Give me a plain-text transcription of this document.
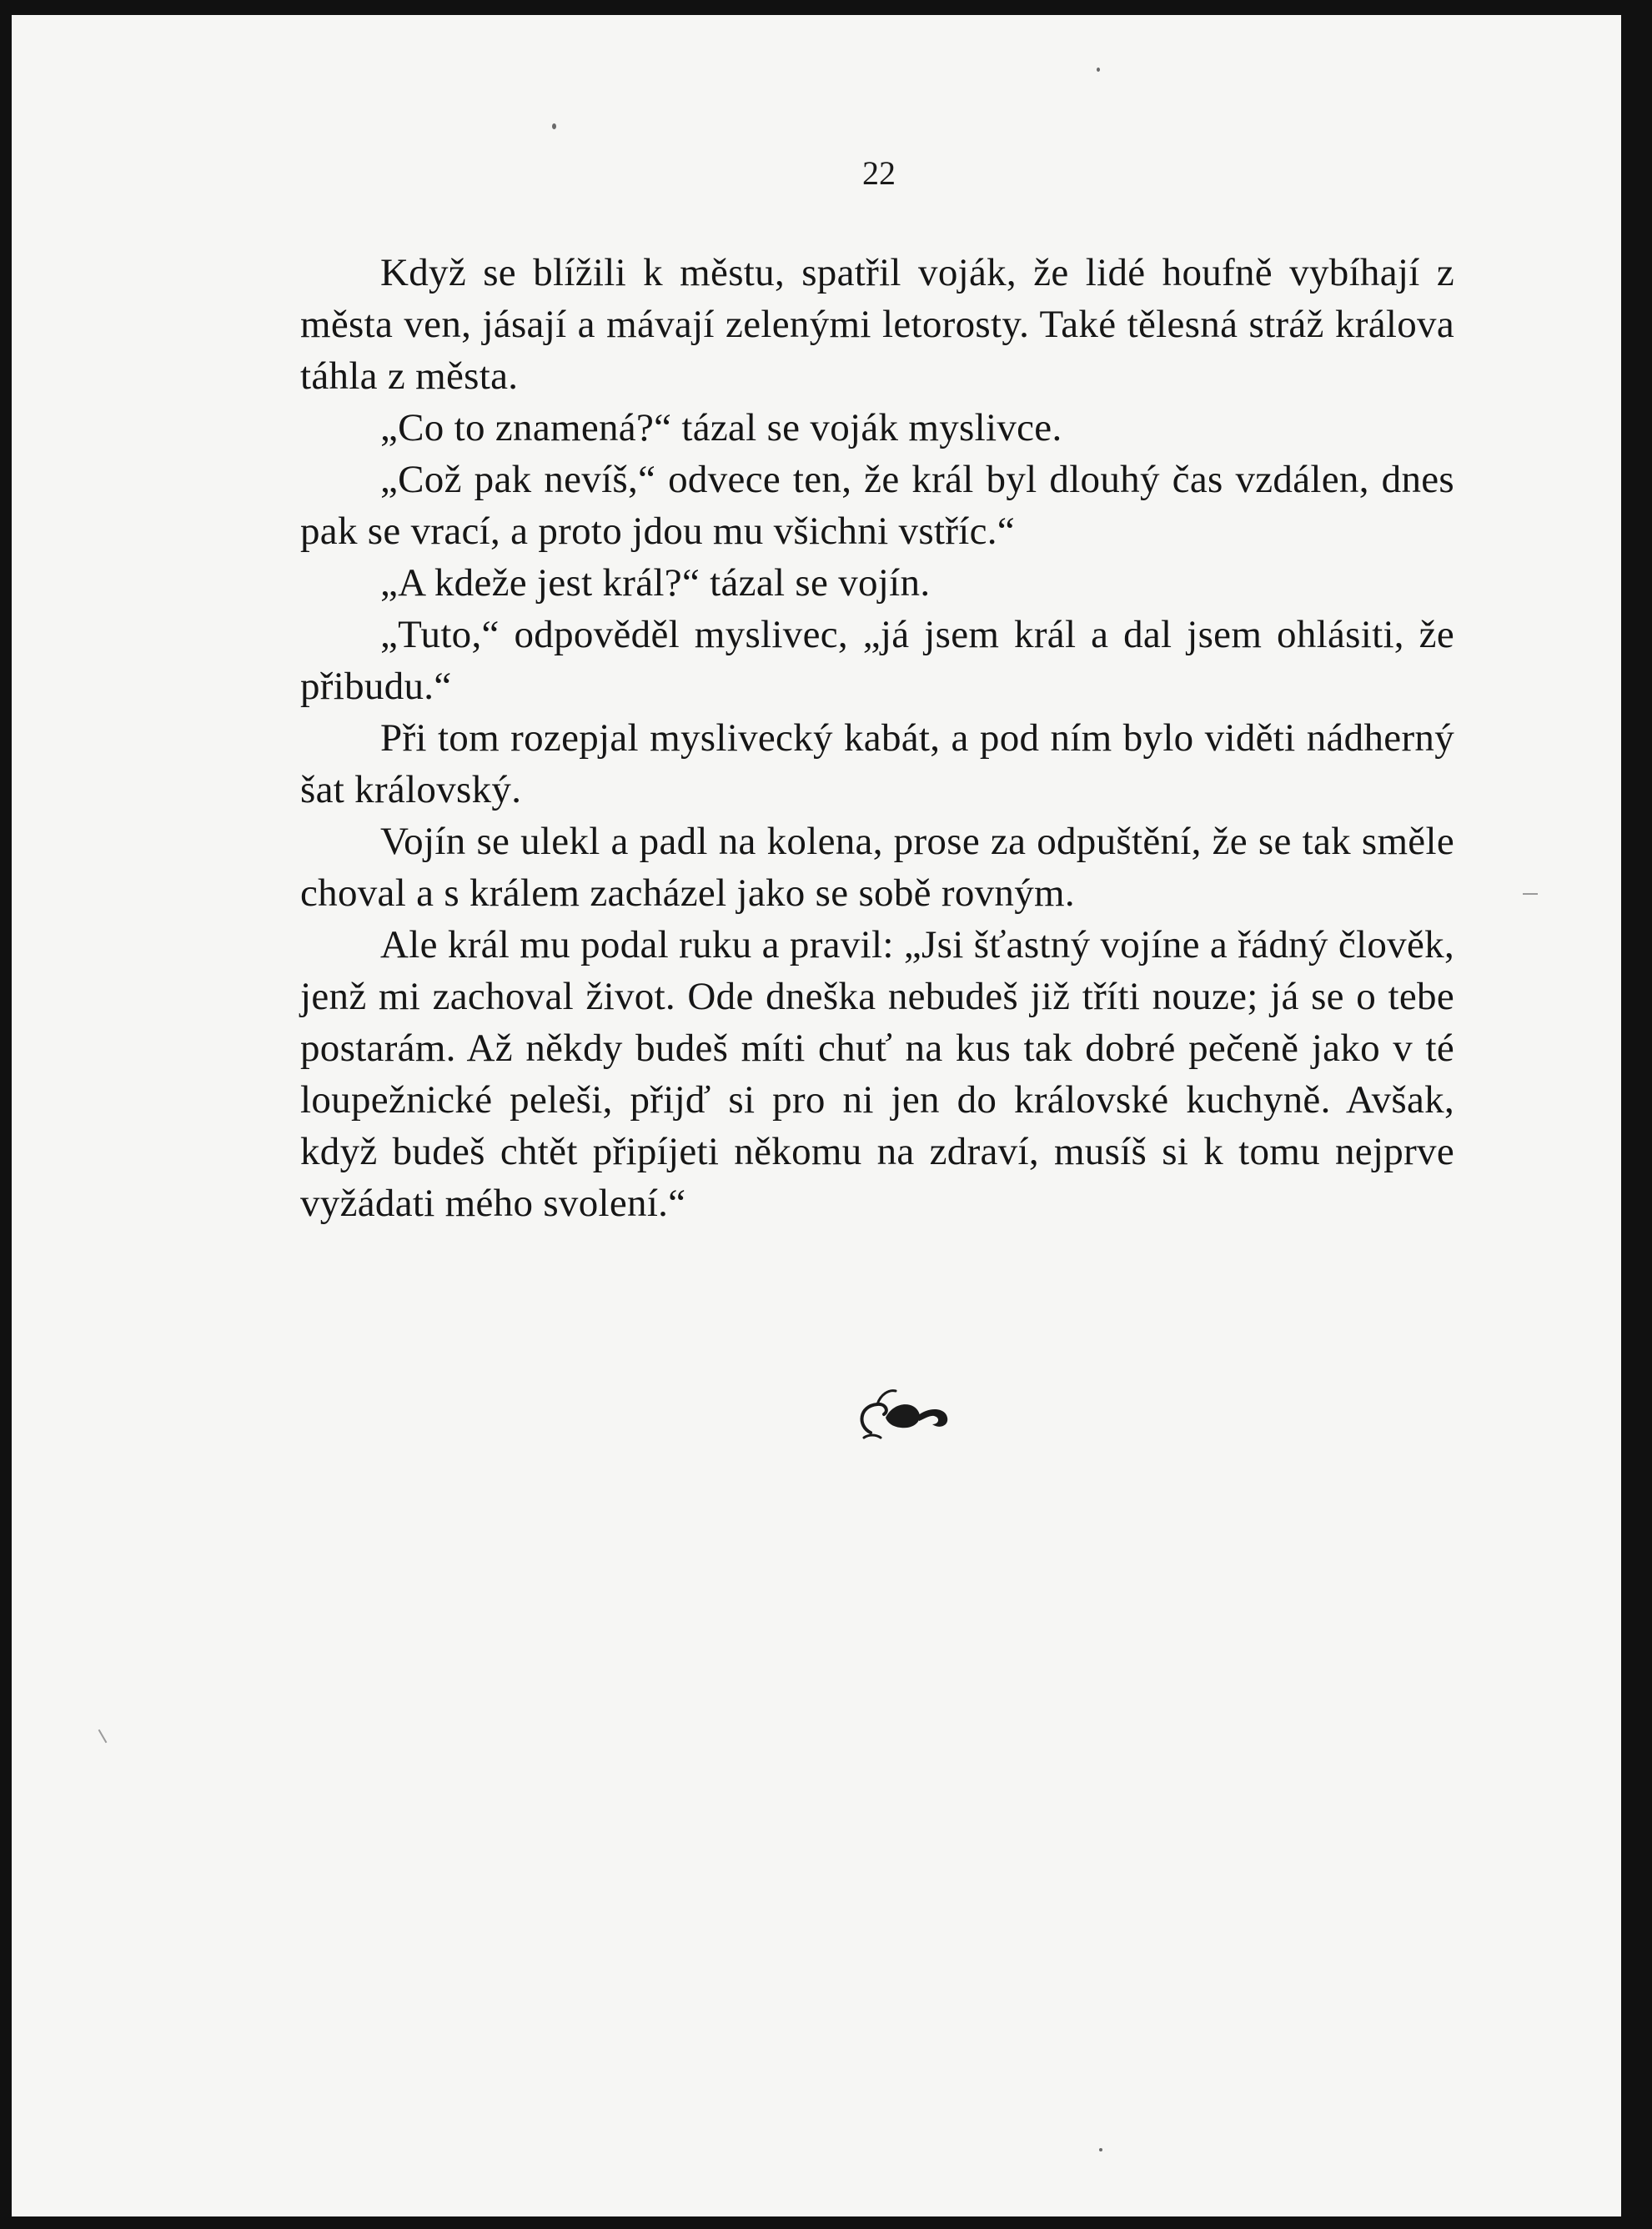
22

Když se blížili k městu, spatřil voják, že lidé houfně vybíhají z města ven, jásají a mávají zelenými letorosty. Také tělesná stráž králova táhla z města.

„Co to znamená?“ tázal se voják myslivce.

„Což pak nevíš,“ odvece ten, že král byl dlouhý čas vzdálen, dnes pak se vrací, a proto jdou mu všichni vstříc.“

„A kdeže jest král?“ tázal se vojín.

„Tuto,“ odpověděl myslivec, „já jsem král a dal jsem ohlásiti, že přibudu.“

Při tom rozepjal myslivecký kabát, a pod ním bylo viděti nádherný šat královský.

Vojín se ulekl a padl na kolena, prose za odpuštění, že se tak směle choval a s králem zacházel jako se sobě rovným.

Ale král mu podal ruku a pravil: „Jsi šťastný vojíne a řádný člověk, jenž mi zachoval život. Ode dneška nebudeš již tříti nouze; já se o tebe postarám. Až někdy budeš míti chuť na kus tak dobré pečeně jako v té loupežnické peleši, přijď si pro ni jen do královské kuchyně. Avšak, když budeš chtět připíjeti někomu na zdraví, musíš si k tomu nejprve vyžádati mého svolení.“
